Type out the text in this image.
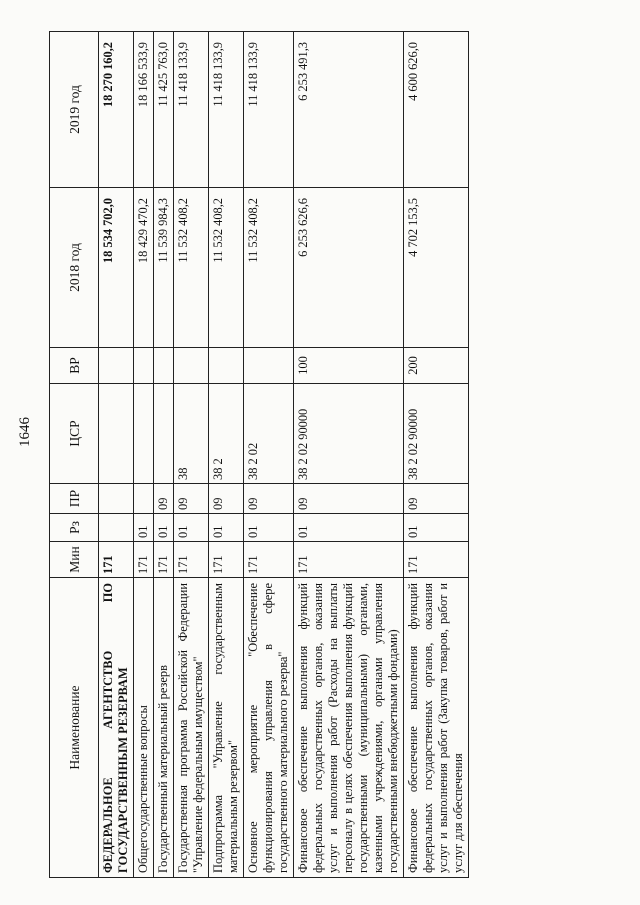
1646
Наименование	Мин	Рз	ПР	ЦСР	ВР	2018 год	2019 год
ФЕДЕРАЛЬНОЕ АГЕНТСТВО ПО ГОСУДАРСТВЕННЫМ РЕЗЕРВАМ	171					18 534 702,0	18 270 160,2
Общегосударственные вопросы	171	01				18 429 470,2	18 166 533,9
Государственный материальный резерв	171	01	09			11 539 984,3	11 425 763,0
Государственная программа Российской Федерации "Управление федеральным имуществом"	171	01	09	38		11 532 408,2	11 418 133,9
Подпрограмма "Управление государственным материальным резервом"	171	01	09	38 2		11 532 408,2	11 418 133,9
Основное мероприятие "Обеспечение функционирования управления в сфере государственного материального резерва"	171	01	09	38 2 02		11 532 408,2	11 418 133,9
Финансовое обеспечение выполнения функций федеральных государственных органов, оказания услуг и выполнения работ (Расходы на выплаты персоналу в целях обеспечения выполнения функций государственными (муниципальными) органами, казенными учреждениями, органами управления государственными внебюджетными фондами)	171	01	09	38 2 02 90000	100	6 253 626,6	6 253 491,3
Финансовое обеспечение выполнения функций федеральных государственных органов, оказания услуг и выполнения работ (Закупка товаров, работ и услуг для обеспечения	171	01	09	38 2 02 90000	200	4 702 153,5	4 600 626,0
